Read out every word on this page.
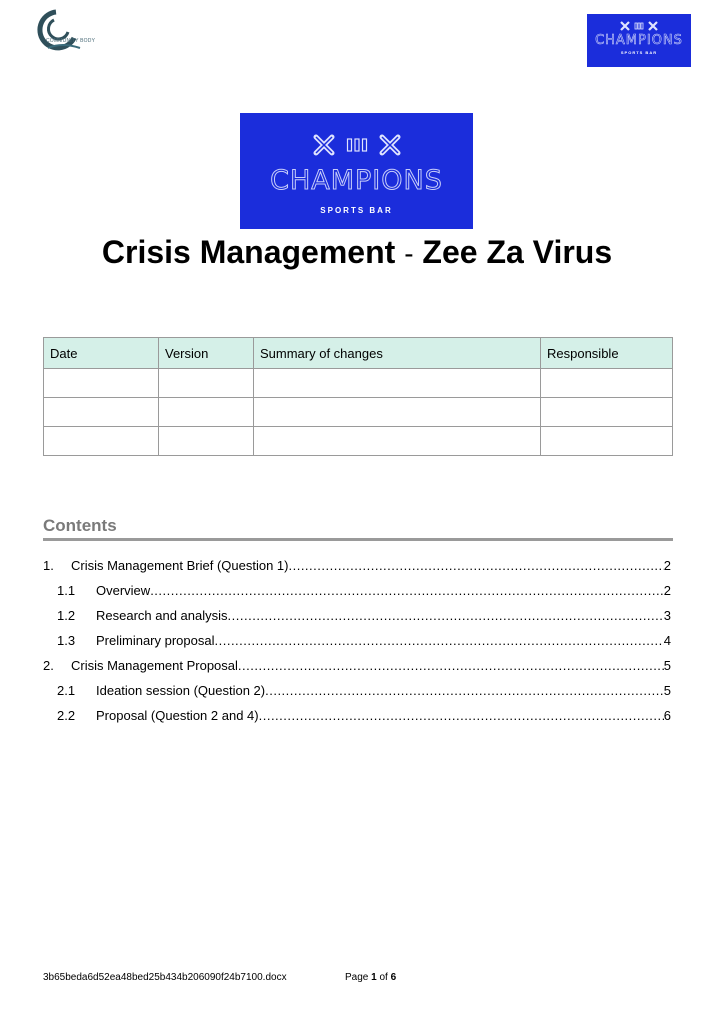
COMMUNITY BODY	CHAMPIONS
SPORTS BAR
CHAMPIONS
SPORTS BAR
Crisis Management - Zee Za Virus
Date	Version	Summary of changes	Responsible

Contents
1.	Crisis Management Brief (Question 1) .....	2
1.1	Overview .....	2
1.2	Research and analysis .....	3
1.3	Preliminary proposal .....	4
2.	Crisis Management Proposal .....	5
2.1	Ideation session (Question 2) .....	5
2.2	Proposal (Question 2 and 4) .....	6
3b65beda6d52ea48bed25b434b206090f24b7100.docx	Page 1 of 6
